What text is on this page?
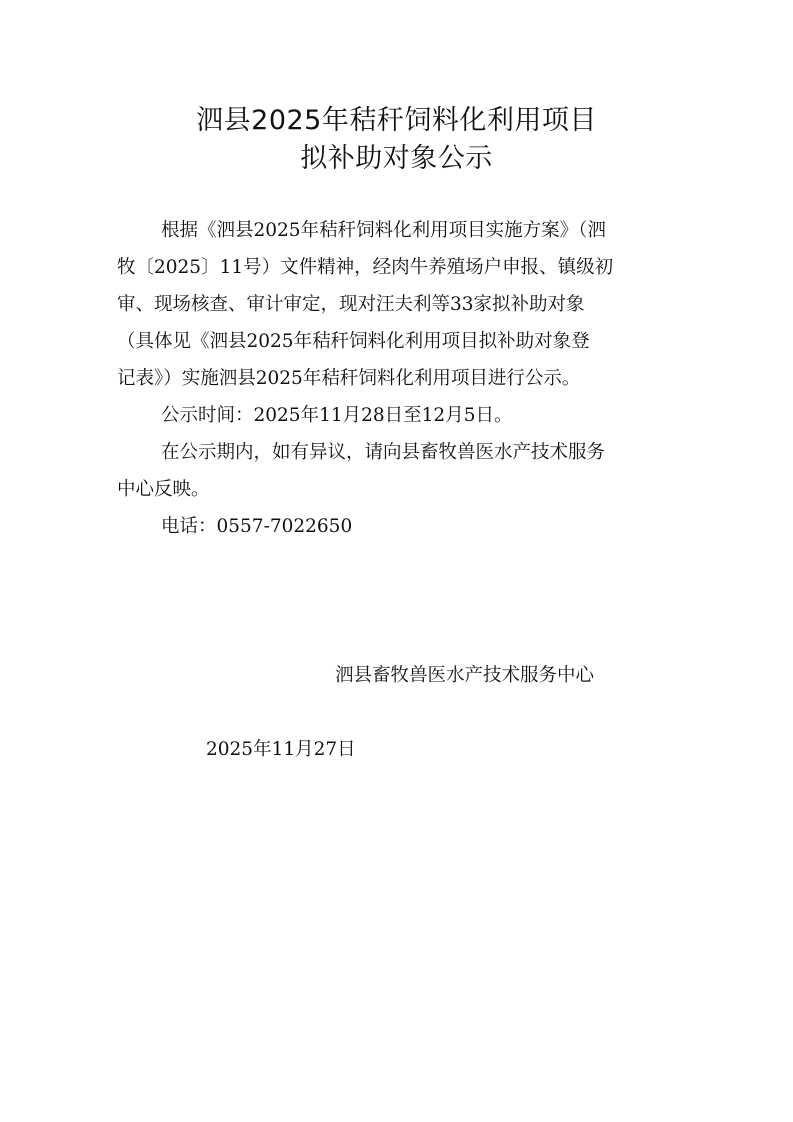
泗县2025年秸秆饲料化利用项目
拟补助对象公示
根据《泗县2025年秸秆饲料化利用项目实施方案》（泗
牧〔2025〕11号）文件精神，经肉牛养殖场户申报、镇级初
审、现场核查、审计审定，现对汪夫利等33家拟补助对象
（具体见《泗县2025年秸秆饲料化利用项目拟补助对象登
记表》）实施泗县2025年秸秆饲料化利用项目进行公示。
公示时间：2025年11月28日至12月5日。
在公示期内，如有异议，请向县畜牧兽医水产技术服务
中心反映。
电话：0557-7022650
泗县畜牧兽医水产技术服务中心
2025年11月27日
